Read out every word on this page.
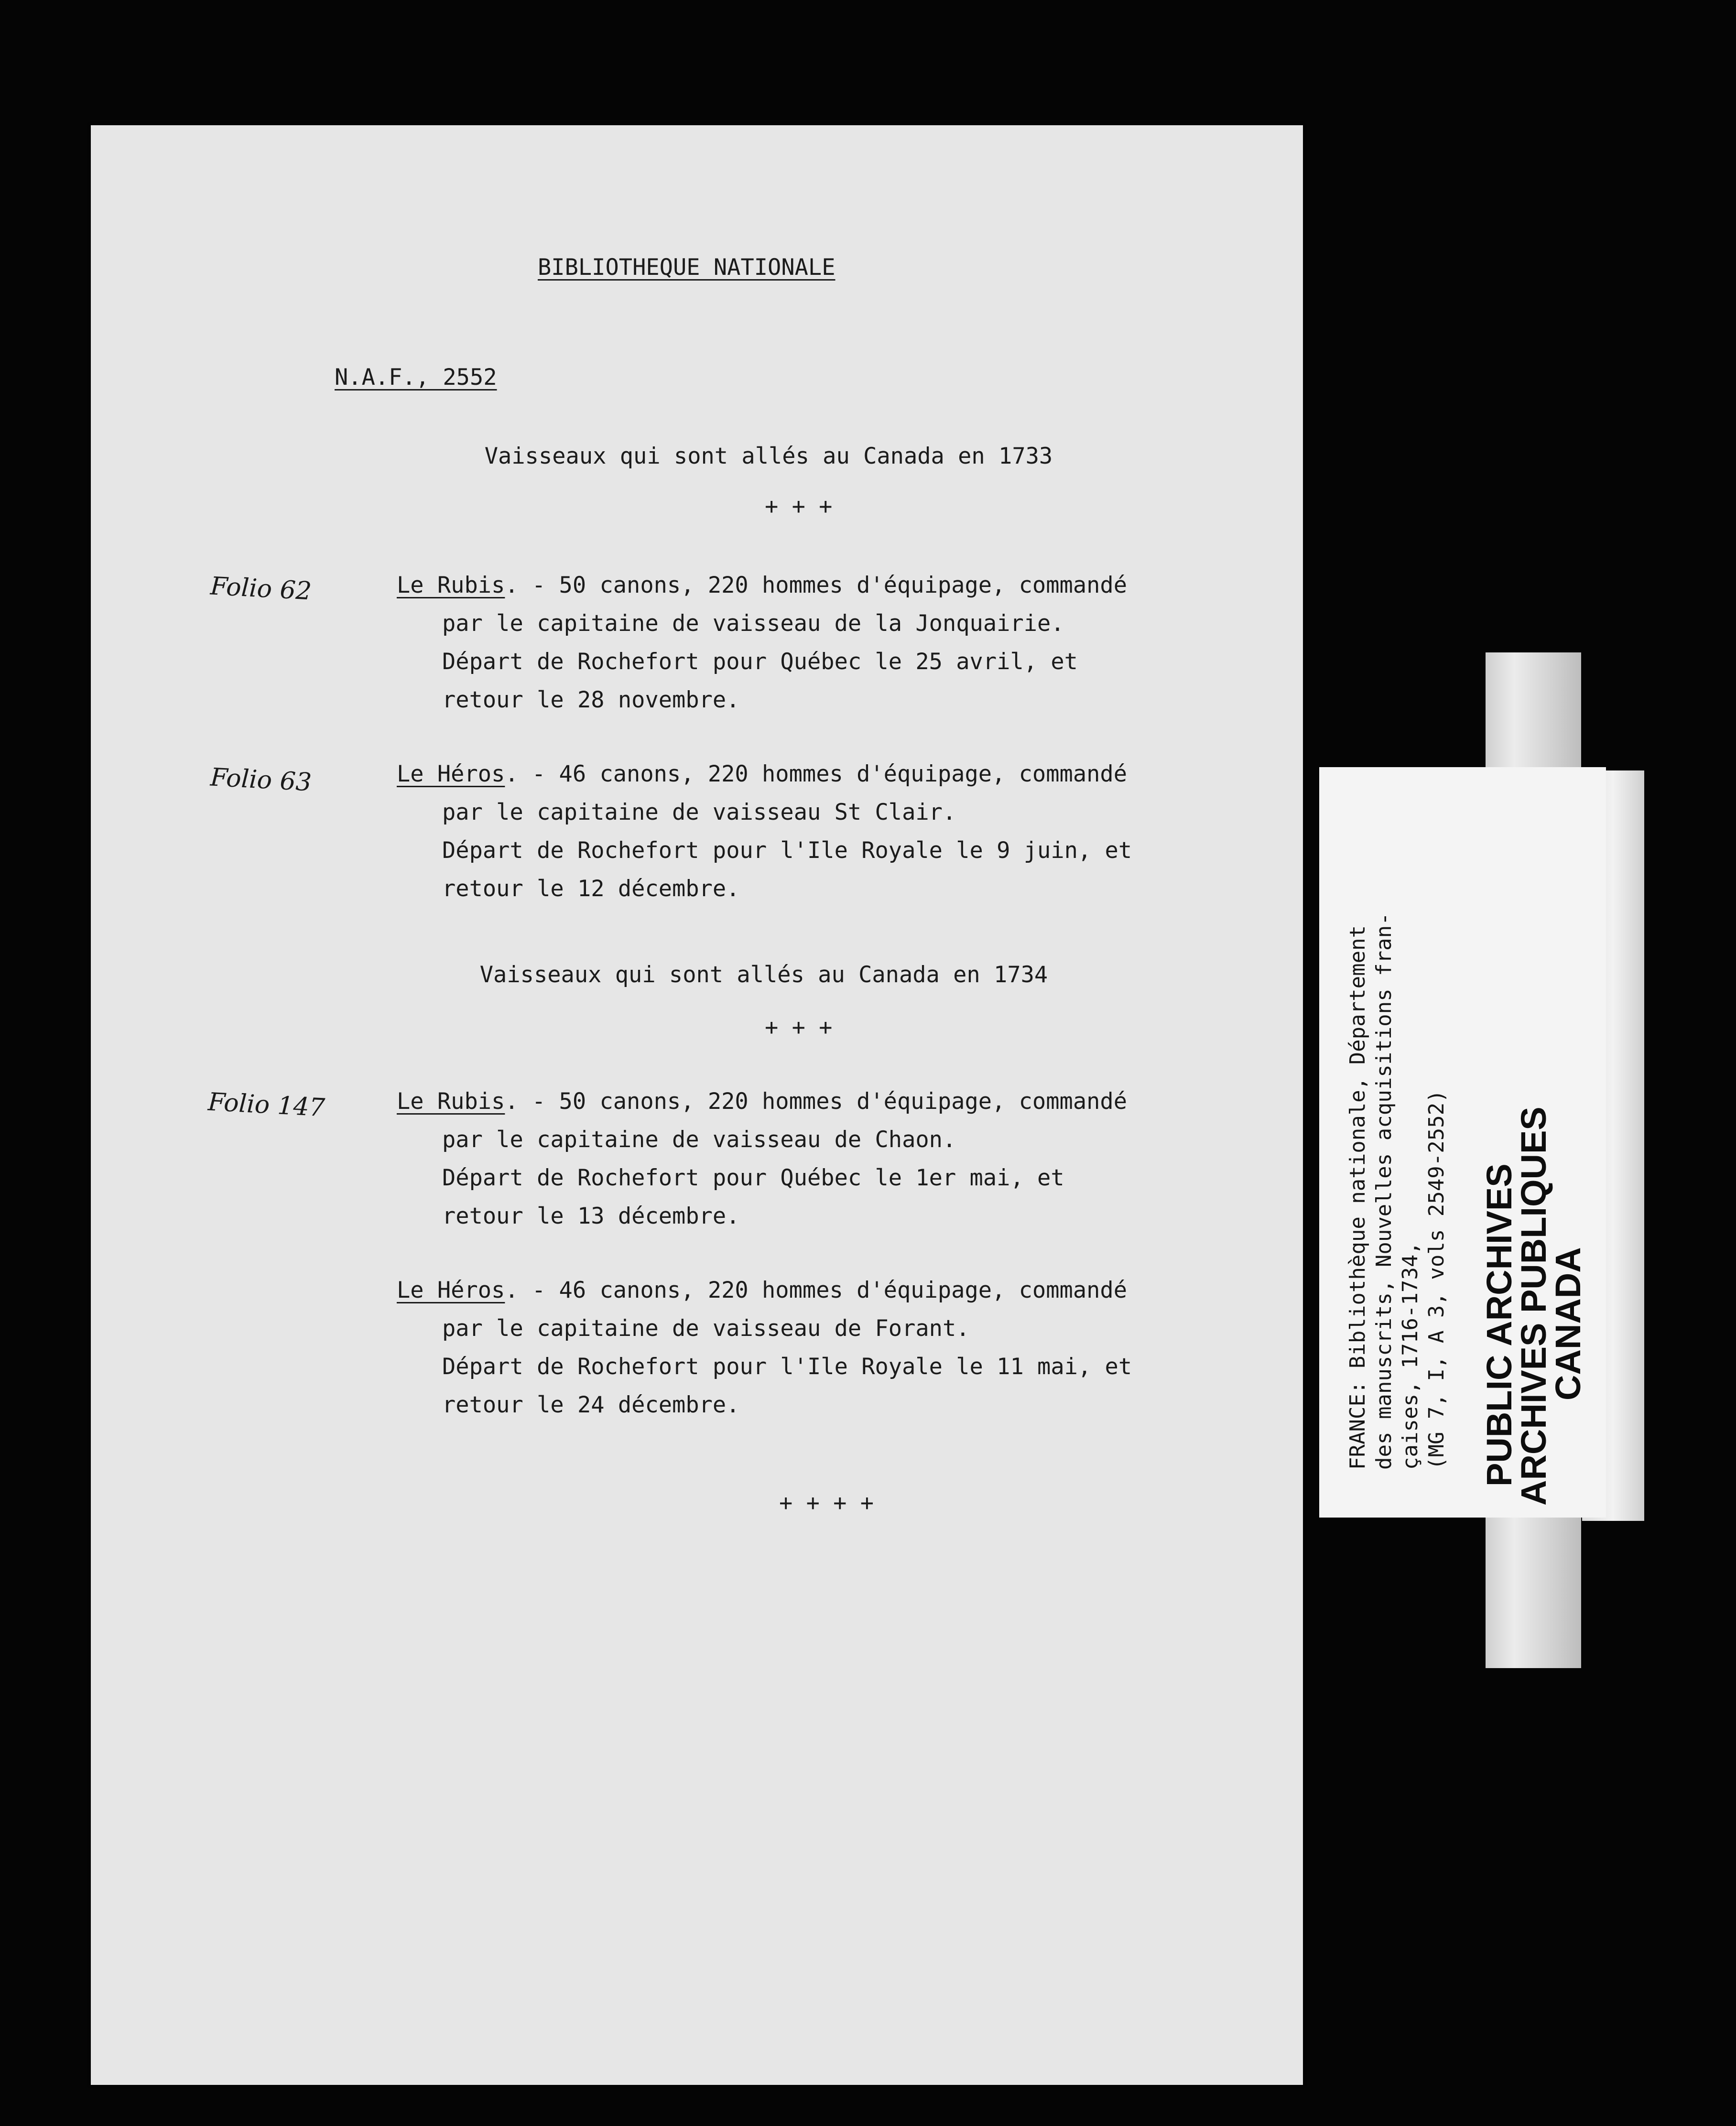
BIBLIOTHEQUE NATIONALE
N.A.F., 2552
Vaisseaux qui sont allés au Canada en 1733
+ + +
Folio 62	Le Rubis. - 50 canons, 220 hommes d'équipage, commandé
par le capitaine de vaisseau de la Jonquairie.
Départ de Rochefort pour Québec le 25 avril, et
retour le 28 novembre.
Folio 63	Le Héros. - 46 canons, 220 hommes d'équipage, commandé
par le capitaine de vaisseau St Clair.
Départ de Rochefort pour l'Ile Royale le 9 juin, et
retour le 12 décembre.
Vaisseaux qui sont allés au Canada en 1734
+ + +
Folio 147	Le Rubis. - 50 canons, 220 hommes d'équipage, commandé
par le capitaine de vaisseau de Chaon.
Départ de Rochefort pour Québec le 1er mai, et
retour le 13 décembre.
Le Héros. - 46 canons, 220 hommes d'équipage, commandé
par le capitaine de vaisseau de Forant.
Départ de Rochefort pour l'Ile Royale le 11 mai, et
retour le 24 décembre.
+ + + +
FRANCE: Bibliothèque nationale, Département des manuscrits, Nouvelles acquisitions fran- çaises, 1716-1734, (MG 7, I, A 3, vols 2549-2552) PUBLIC ARCHIVES
ARCHIVES PUBLIQUES
CANADA
